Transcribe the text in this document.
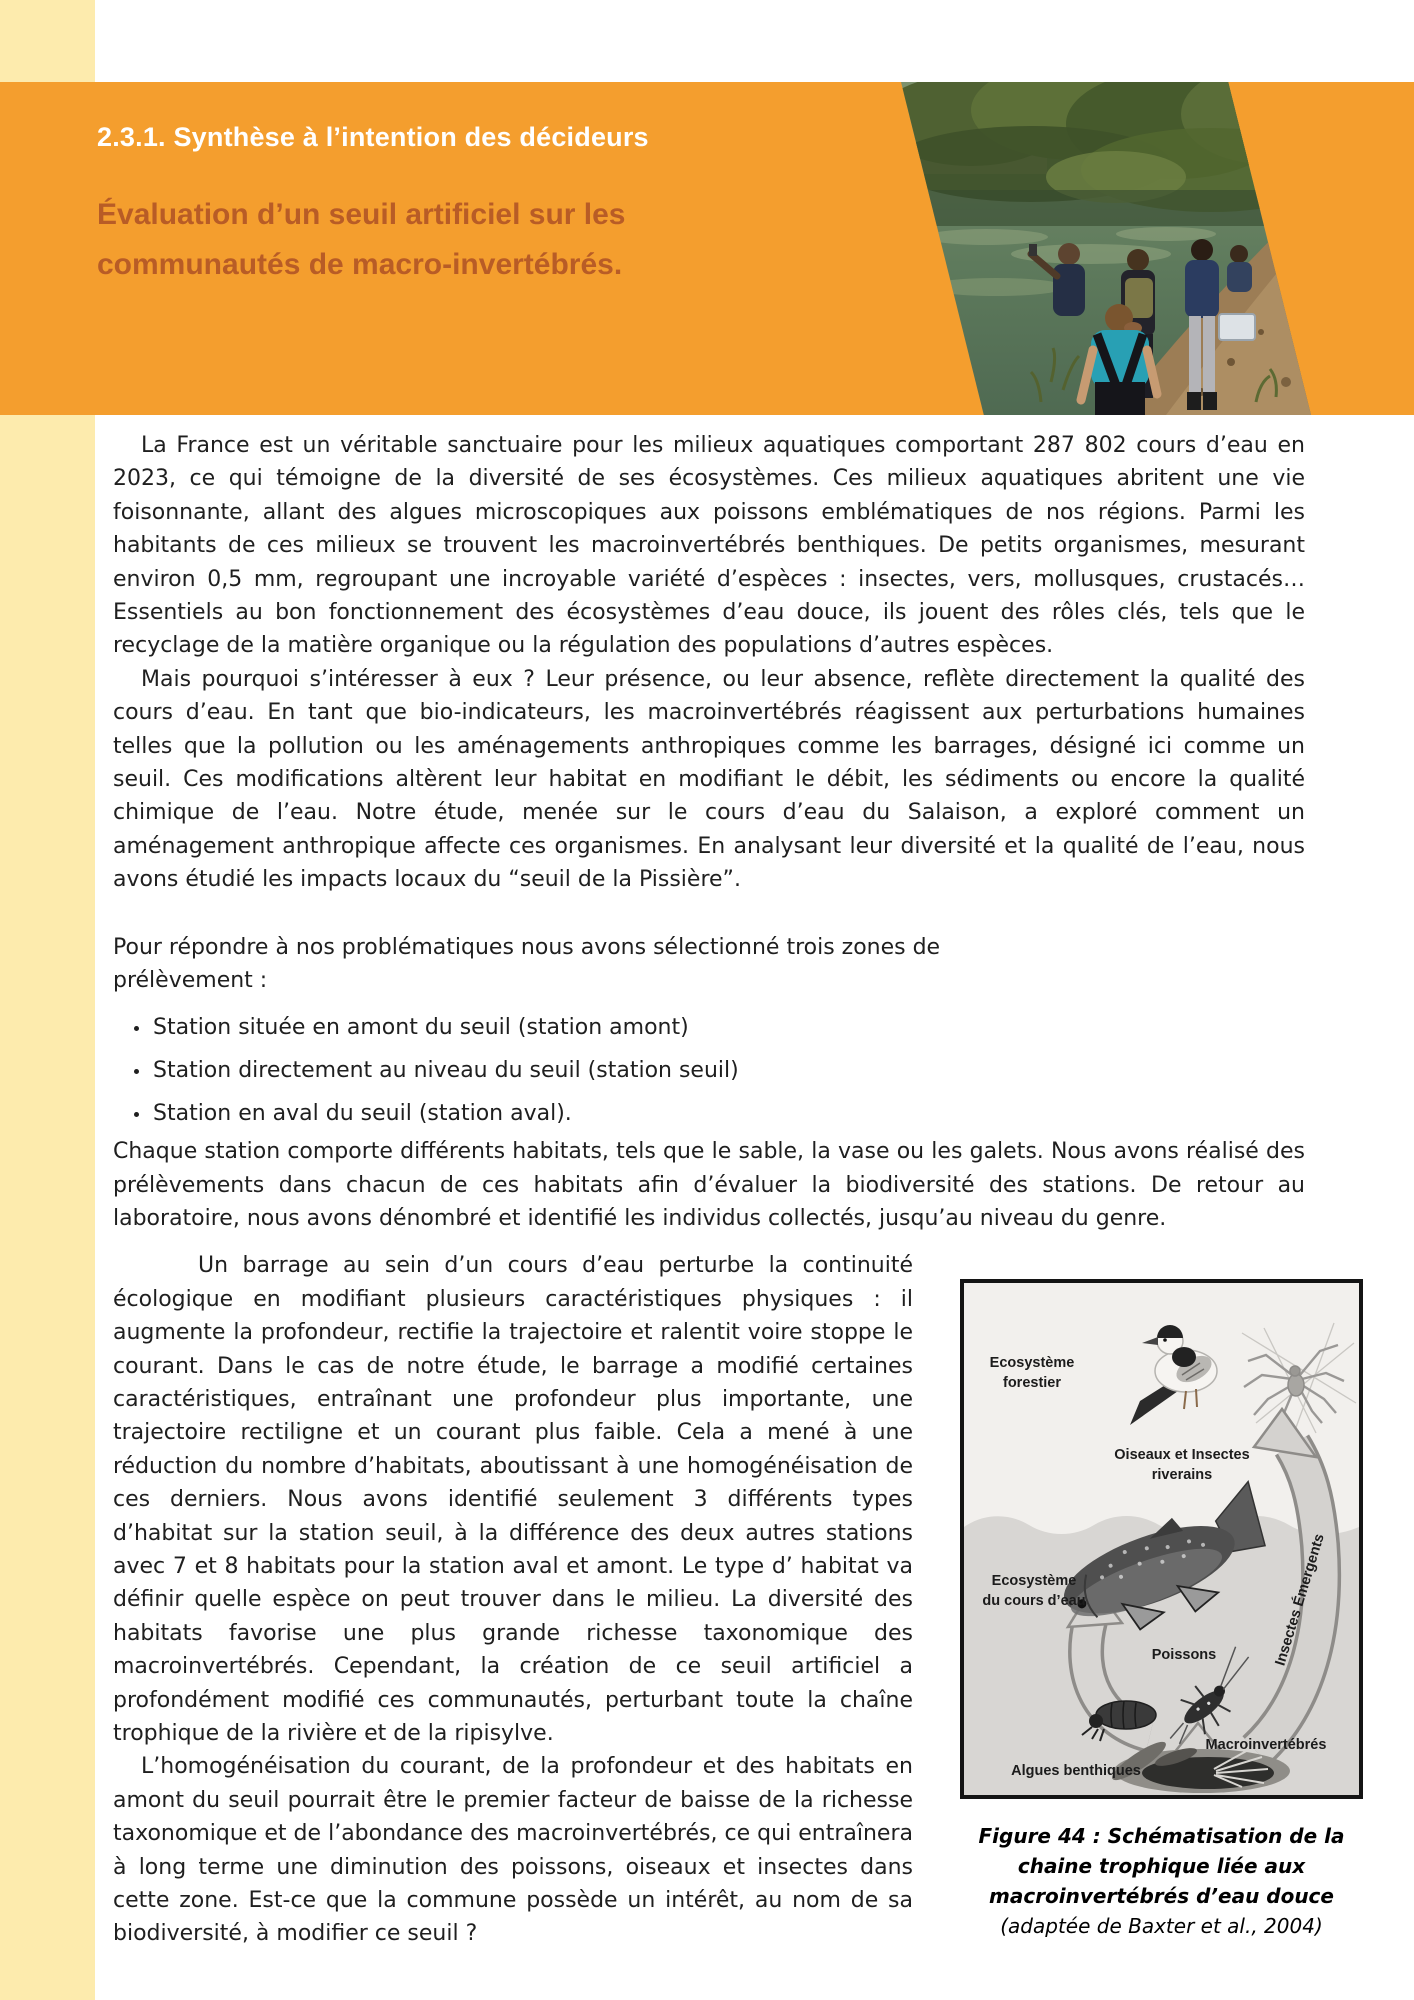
2.3.1. Synthèse à l’intention des décideurs
Évaluation d’un seuil artificiel sur les communautés de macro-invertébrés.

La France est un véritable sanctuaire pour les milieux aquatiques comportant 287 802 cours d’eau en 2023, ce qui témoigne de la diversité de ses écosystèmes. Ces milieux aquatiques abritent une vie foisonnante, allant des algues microscopiques aux poissons emblématiques de nos régions. Parmi les habitants de ces milieux se trouvent les macroinvertébrés benthiques. De petits organismes, mesurant environ 0,5 mm, regroupant une incroyable variété d’espèces : insectes, vers, mollusques, crustacés… Essentiels au bon fonctionnement des écosystèmes d’eau douce, ils jouent des rôles clés, tels que le recyclage de la matière organique ou la régulation des populations d’autres espèces.

Mais pourquoi s’intéresser à eux ? Leur présence, ou leur absence, reflète directement la qualité des cours d’eau. En tant que bio-indicateurs, les macroinvertébrés réagissent aux perturbations humaines telles que la pollution ou les aménagements anthropiques comme les barrages, désigné ici comme un seuil. Ces modifications altèrent leur habitat en modifiant le débit, les sédiments ou encore la qualité chimique de l’eau. Notre étude, menée sur le cours d’eau du Salaison, a exploré comment un aménagement anthropique affecte ces organismes. En analysant leur diversité et la qualité de l’eau, nous avons étudié les impacts locaux du “seuil de la Pissière”.

Pour répondre à nos problématiques nous avons sélectionné trois zones de prélèvement :

• Station située en amont du seuil (station amont)
• Station directement au niveau du seuil (station seuil)
• Station en aval du seuil (station aval).

Chaque station comporte différents habitats, tels que le sable, la vase ou les galets. Nous avons réalisé des prélèvements dans chacun de ces habitats afin d’évaluer la biodiversité des stations. De retour au laboratoire, nous avons dénombré et identifié les individus collectés, jusqu’au niveau du genre.

Un barrage au sein d’un cours d’eau perturbe la continuité écologique en modifiant plusieurs caractéristiques physiques : il augmente la profondeur, rectifie la trajectoire et ralentit voire stoppe le courant. Dans le cas de notre étude, le barrage a modifié certaines caractéristiques, entraînant une profondeur plus importante, une trajectoire rectiligne et un courant plus faible. Cela a mené à une réduction du nombre d’habitats, aboutissant à une homogénéisation de ces derniers. Nous avons identifié seulement 3 différents types d’habitat sur la station seuil, à la différence des deux autres stations avec 7 et 8 habitats pour la station aval et amont. Le type d’ habitat va définir quelle espèce on peut trouver dans le milieu. La diversité des habitats favorise une plus grande richesse taxonomique des macroinvertébrés. Cependant, la création de ce seuil artificiel a profondément modifié ces communautés, perturbant toute la chaîne trophique de la rivière et de la ripisylve.

L’homogénéisation du courant, de la profondeur et des habitats en amont du seuil pourrait être le premier facteur de baisse de la richesse taxonomique et de l’abondance des macroinvertébrés, ce qui entraînera à long terme une diminution des poissons, oiseaux et insectes dans cette zone. Est-ce que la commune possède un intérêt, au nom de sa biodiversité, à modifier ce seuil ?

Ecosystème
forestier
Oiseaux et Insectes
riverains
Ecosystème
du cours d’eau
Poissons	Insectes Émergents
Macroinvertébrés
Algues benthiques
Figure 44 : Schématisation de la chaine trophique liée aux macroinvertébrés d’eau douce
(adaptée de Baxter et al., 2004)
